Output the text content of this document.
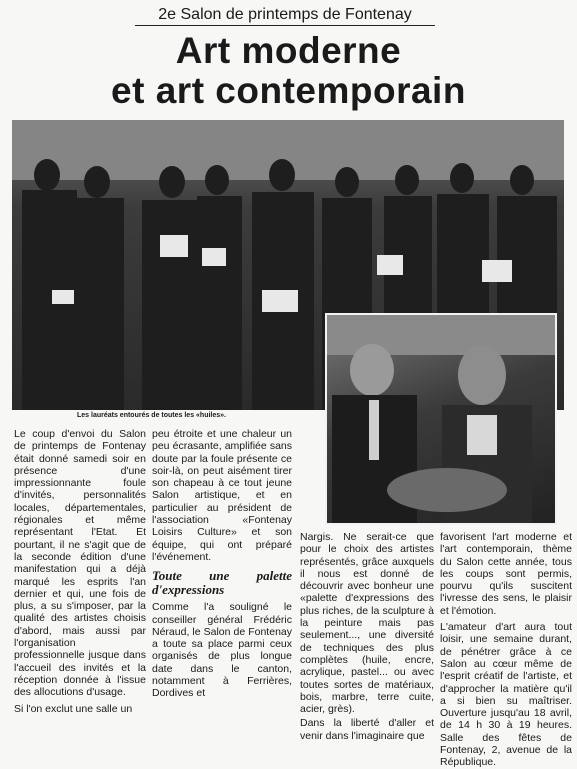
2e Salon de printemps de Fontenay
Art moderne
et art contemporain
Les lauréats entourés de toutes les «huiles».

Le coup d'envoi du Salon de printemps de Fontenay était donné samedi soir en présence d'une impressionnante foule d'invités, personnalités locales, départementales, régionales et même représentant l'Etat. Et pourtant, il ne s'agit que de la seconde édition d'une manifestation qui a déjà marqué les esprits l'an dernier et qui, une fois de plus, a su s'imposer, par la qualité des artistes choisis d'abord, mais aussi par l'organisation professionnelle jusque dans l'accueil des invités et la réception donnée à l'issue des allocutions d'usage.

Si l'on exclut une salle un

peu étroite et une chaleur un peu écrasante, amplifiée sans doute par la foule présente ce soir-là, on peut aisément tirer son chapeau à ce tout jeune Salon artistique, et en particulier au président de l'association «Fontenay Loisirs Culture» et son équipe, qui ont préparé l'événement.

Toute une palette d'expressions

Comme l'a souligné le conseiller général Frédéric Néraud, le Salon de Fontenay a toute sa place parmi ceux organisés de plus longue date dans le canton, notamment à Ferrières, Dordives et

Nargis. Ne serait-ce que pour le choix des artistes représentés, grâce auxquels il nous est donné de découvrir avec bonheur une «palette d'expressions des plus riches, de la sculpture à la peinture mais pas seulement..., une diversité de techniques des plus complètes (huile, encre, acrylique, pastel... ou avec toutes sortes de matériaux, bois, marbre, terre cuite, acier, grès).

Dans la liberté d'aller et venir dans l'imaginaire que

favorisent l'art moderne et l'art contemporain, thème du Salon cette année, tous les coups sont permis, pourvu qu'ils suscitent l'ivresse des sens, le plaisir et l'émotion.

L'amateur d'art aura tout loisir, une semaine durant, de pénétrer grâce à ce Salon au cœur même de l'esprit créatif de l'artiste, et d'approcher la matière qu'il a si bien su maîtriser. Ouverture jusqu'au 18 avril, de 14 h 30 à 19 heures. Salle des fêtes de Fontenay, 2, avenue de la République.
